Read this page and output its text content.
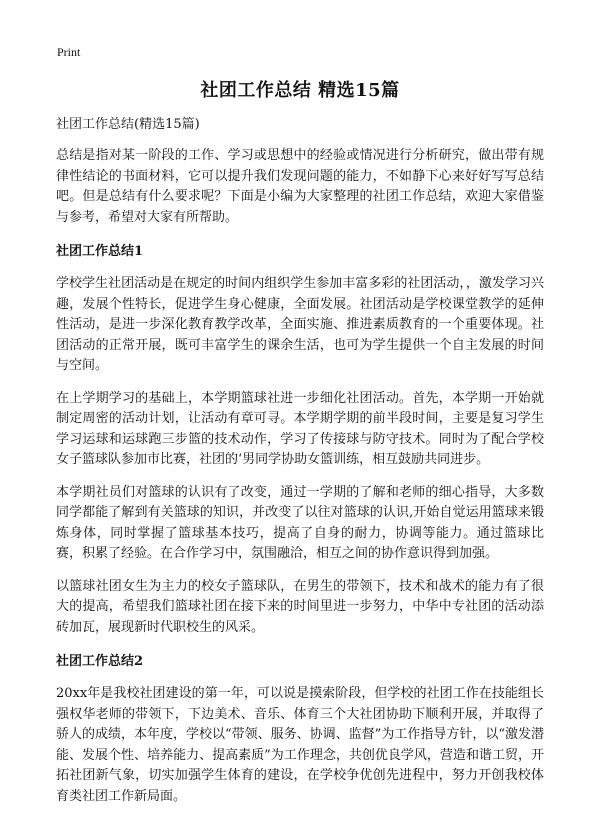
Print
社团工作总结 精选15篇
社团工作总结(精选15篇)

总结是指对某一阶段的工作、学习或思想中的经验或情况进行分析研究，做出带有规律性结论的书面材料，它可以提升我们发现问题的能力，不如静下心来好好写写总结吧。但是总结有什么要求呢？下面是小编为大家整理的社团工作总结，欢迎大家借鉴与参考，希望对大家有所帮助。

社团工作总结1

学校学生社团活动是在规定的时间内组织学生参加丰富多彩的社团活动，，激发学习兴趣，发展个性特长，促进学生身心健康，全面发展。社团活动是学校课堂教学的延伸性活动，是进一步深化教育教学改革，全面实施、推进素质教育的一个重要体现。社团活动的正常开展，既可丰富学生的课余生活，也可为学生提供一个自主发展的时间与空间。

在上学期学习的基础上，本学期篮球社进一步细化社团活动。首先，本学期一开始就制定周密的活动计划，让活动有章可寻。本学期学期的前半段时间，主要是复习学生学习运球和运球跑三步篮的技术动作，学习了传接球与防守技术。同时为了配合学校女子篮球队参加市比赛，社团的‘男同学协助女篮训练，相互鼓励共同进步。

本学期社员们对篮球的认识有了改变，通过一学期的了解和老师的细心指导，大多数同学都能了解到有关篮球的知识，并改变了以往对篮球的认识,开始自觉运用篮球来锻炼身体，同时掌握了篮球基本技巧，提高了自身的耐力，协调等能力。通过篮球比赛，积累了经验。在合作学习中，氛围融洽，相互之间的协作意识得到加强。

以篮球社团女生为主力的校女子篮球队，在男生的带领下，技术和战术的能力有了很大的提高，希望我们篮球社团在接下来的时间里进一步努力，中华中专社团的活动添砖加瓦，展现新时代职校生的风采。

社团工作总结2

20xx年是我校社团建设的第一年，可以说是摸索阶段，但学校的社团工作在技能组长强权华老师的带领下，下边美术、音乐、体育三个大社团协助下顺利开展，并取得了骄人的成绩，本年度，学校以“带领、服务、协调、监督”为工作指导方针，以“激发潜能、发展个性、培养能力、提高素质”为工作理念，共创优良学风，营造和谐工贸，开拓社团新气象，切实加强学生体育的建设，在学校争优创先进程中，努力开创我校体育类社团工作新局面。
